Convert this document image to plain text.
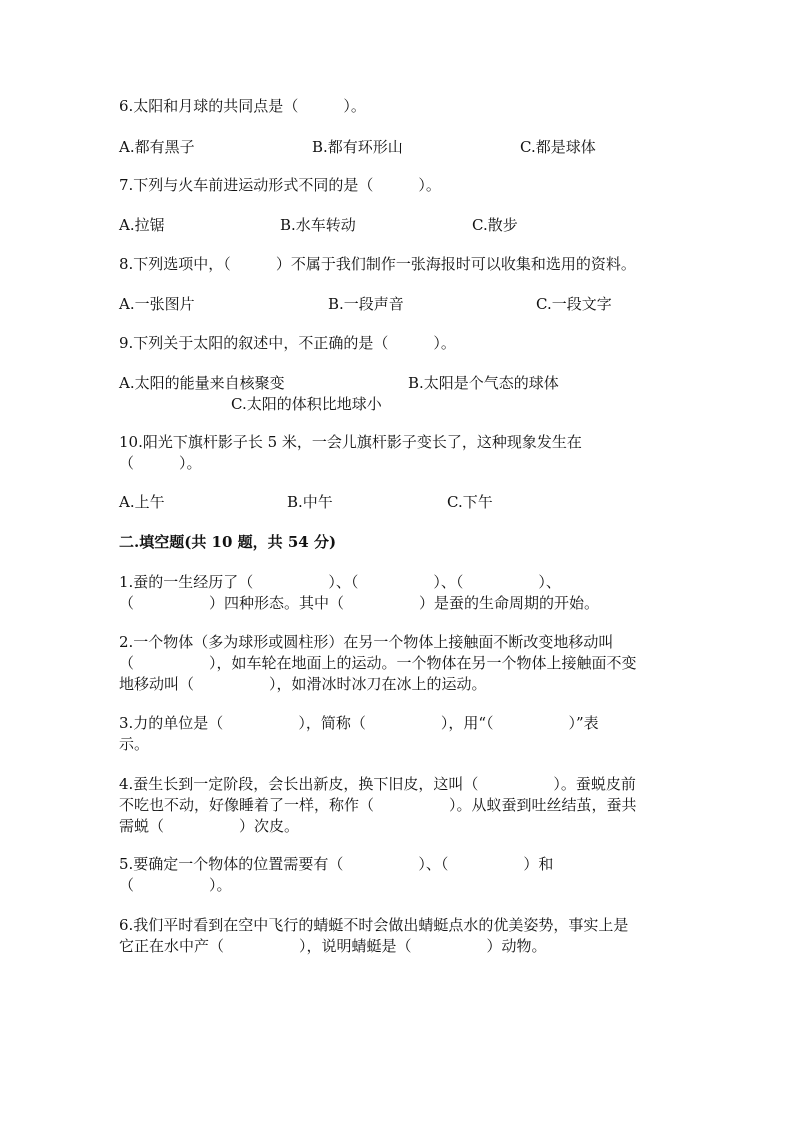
6.太阳和月球的共同点是（　　　）。
A.都有黑子	B.都有环形山	C.都是球体
7.下列与火车前进运动形式不同的是（　　　）。
A.拉锯	B.水车转动	C.散步
8.下列选项中，（　　　）不属于我们制作一张海报时可以收集和选用的资料。
A.一张图片	B.一段声音	C.一段文字
9.下列关于太阳的叙述中，不正确的是（　　　）。
A.太阳的能量来自核聚变	B.太阳是个气态的球体
C.太阳的体积比地球小
10.阳光下旗杆影子长 5 米，一会儿旗杆影子变长了，这种现象发生在
（　　　）。
A.上午	B.中午	C.下午
二.填空题(共 10 题，共 54 分)
1.蚕的一生经历了（　　　　　）、（　　　　　）、（　　　　　）、
（　　　　　）四种形态。其中（　　　　　）是蚕的生命周期的开始。
2.一个物体（多为球形或圆柱形）在另一个物体上接触面不断改变地移动叫
（　　　　　），如车轮在地面上的运动。一个物体在另一个物体上接触面不变
地移动叫（　　　　　），如滑冰时冰刀在冰上的运动。
3.力的单位是（　　　　　），简称（　　　　　），用“（　　　　　）”表
示。
4.蚕生长到一定阶段，会长出新皮，换下旧皮，这叫（　　　　　）。蚕蜕皮前
不吃也不动，好像睡着了一样，称作（　　　　　）。从蚁蚕到吐丝结茧，蚕共
需蜕（　　　　　）次皮。
5.要确定一个物体的位置需要有（　　　　　）、（　　　　　）和
（　　　　　）。
6.我们平时看到在空中飞行的蜻蜓不时会做出蜻蜓点水的优美姿势，事实上是
它正在水中产（　　　　　），说明蜻蜓是（　　　　　）动物。
